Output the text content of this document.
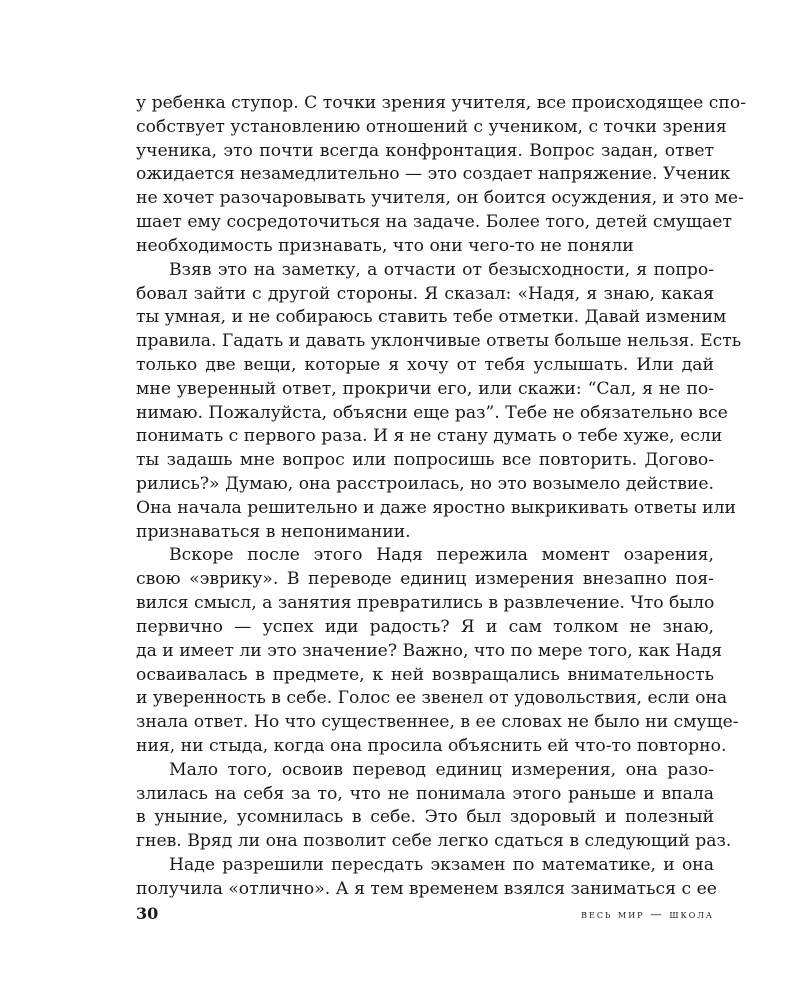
у ребенка ступор. С точки зрения учителя, все происходящее спо-
собствует установлению отношений с учеником, с точки зрения
ученика, это почти всегда конфронтация. Вопрос задан, ответ
ожидается незамедлительно — это создает напряжение. Ученик
не хочет разочаровывать учителя, он боится осуждения, и это ме-
шает ему сосредоточиться на задаче. Более того, детей смущает
необходимость признавать, что они чего-то не поняли
Взяв это на заметку, а отчасти от безысходности, я попро-
бовал зайти с другой стороны. Я сказал: «Надя, я знаю, какая
ты умная, и не собираюсь ставить тебе отметки. Давай изменим
правила. Гадать и давать уклончивые ответы больше нельзя. Есть
только две вещи, которые я хочу от тебя услышать. Или дай
мне уверенный ответ, прокричи его, или скажи: “Сал, я не по-
нимаю. Пожалуйста, объясни еще раз”. Тебе не обязательно все
понимать с первого раза. И я не стану думать о тебе хуже, если
ты задашь мне вопрос или попросишь все повторить. Догово-
рились?» Думаю, она расстроилась, но это возымело действие.
Она начала решительно и даже яростно выкрикивать ответы или
признаваться в непонимании.
Вскоре после этого Надя пережила момент озарения,
свою «эврику». В переводе единиц измерения внезапно поя-
вился смысл, а занятия превратились в развлечение. Что было
первично — успех иди радость? Я и сам толком не знаю,
да и имеет ли это значение? Важно, что по мере того, как Надя
осваивалась в предмете, к ней возвращались внимательность
и уверенность в себе. Голос ее звенел от удовольствия, если она
знала ответ. Но что существеннее, в ее словах не было ни смуще-
ния, ни стыда, когда она просила объяснить ей что-то повторно.
Мало того, освоив перевод единиц измерения, она разо-
злилась на себя за то, что не понимала этого раньше и впала
в уныние, усомнилась в себе. Это был здоровый и полезный
гнев. Вряд ли она позволит себе легко сдаться в следующий раз.
Наде разрешили пересдать экзамен по математике, и она
получила «отлично». А я тем временем взялся заниматься с ее
30	весь мир — школа
